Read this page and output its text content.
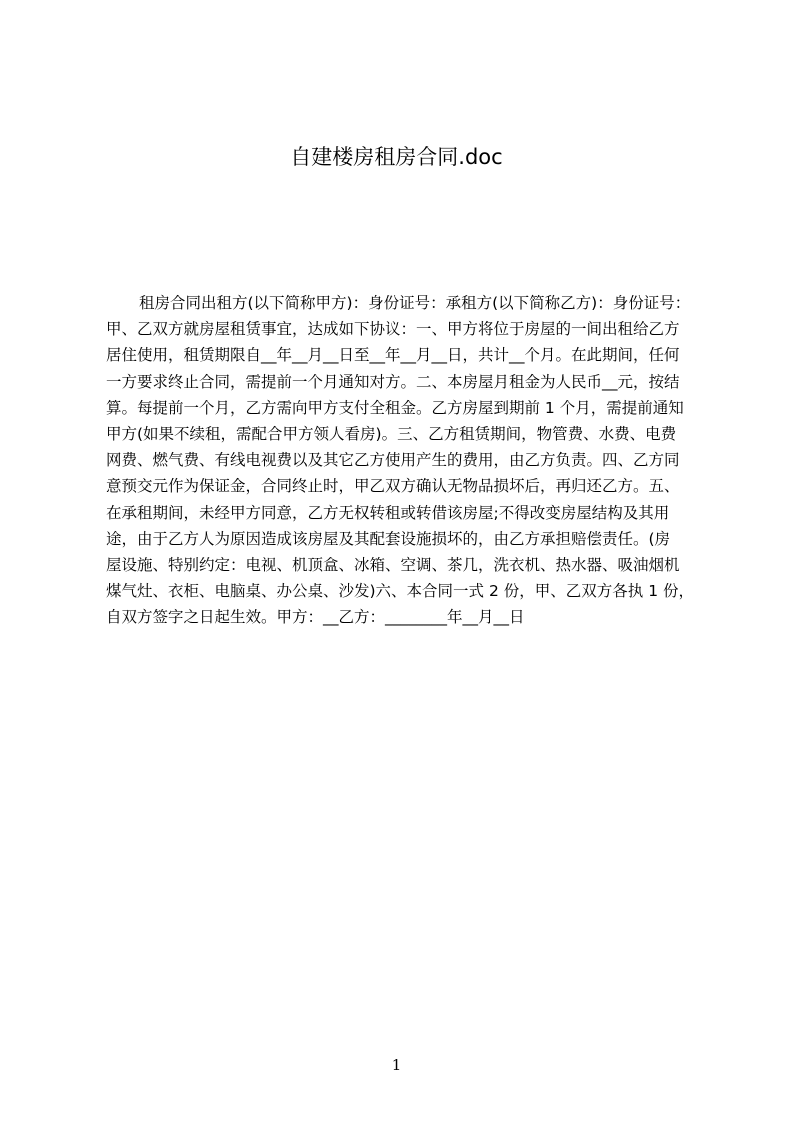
自建楼房租房合同.doc
租房合同出租方(以下简称甲方)：身份证号：承租方(以下简称乙方)：身份证号：
甲、乙双方就房屋租赁事宜，达成如下协议：一、甲方将位于房屋的一间出租给乙方
居住使用，租赁期限自__年__月__日至__年__月__日，共计__个月。在此期间，任何
一方要求终止合同，需提前一个月通知对方。二、本房屋月租金为人民币__元，按结
算。每提前一个月，乙方需向甲方支付全租金。乙方房屋到期前 1 个月，需提前通知
甲方(如果不续租，需配合甲方领人看房)。三、乙方租赁期间，物管费、水费、电费
网费、燃气费、有线电视费以及其它乙方使用产生的费用，由乙方负责。四、乙方同
意预交元作为保证金，合同终止时，甲乙双方确认无物品损坏后，再归还乙方。五、
在承租期间，未经甲方同意，乙方无权转租或转借该房屋;不得改变房屋结构及其用
途，由于乙方人为原因造成该房屋及其配套设施损坏的，由乙方承担赔偿责任。(房
屋设施、特别约定：电视、机顶盒、冰箱、空调、茶几，洗衣机、热水器、吸油烟机
煤气灶、衣柜、电脑桌、办公桌、沙发)六、本合同一式 2 份，甲、乙双方各执 1 份，
自双方签字之日起生效。甲方：__乙方：________年__月__日
1
